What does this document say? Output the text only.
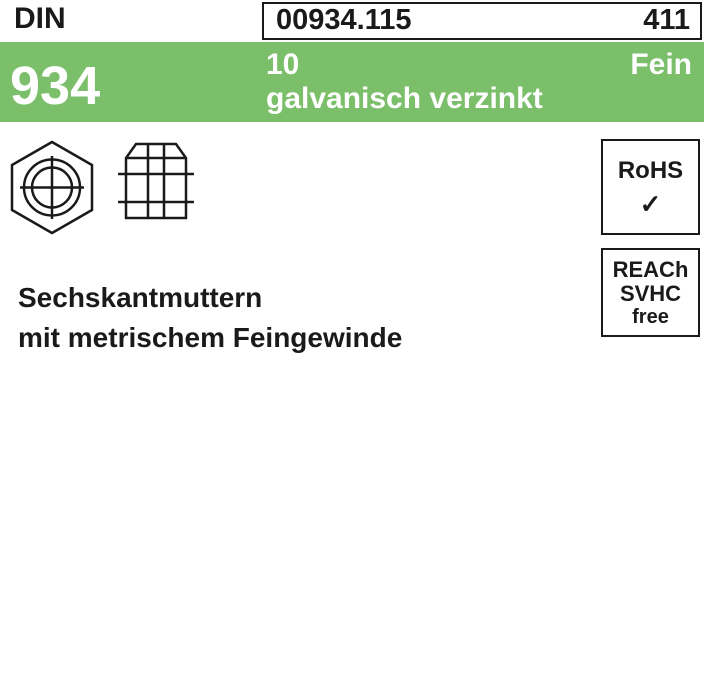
DIN
934
00934.115	411
10
galvanisch verzinkt
Fein
Sechskantmuttern
mit metrischem Feingewinde
RoHS
✓
REACh
SVHC
free
